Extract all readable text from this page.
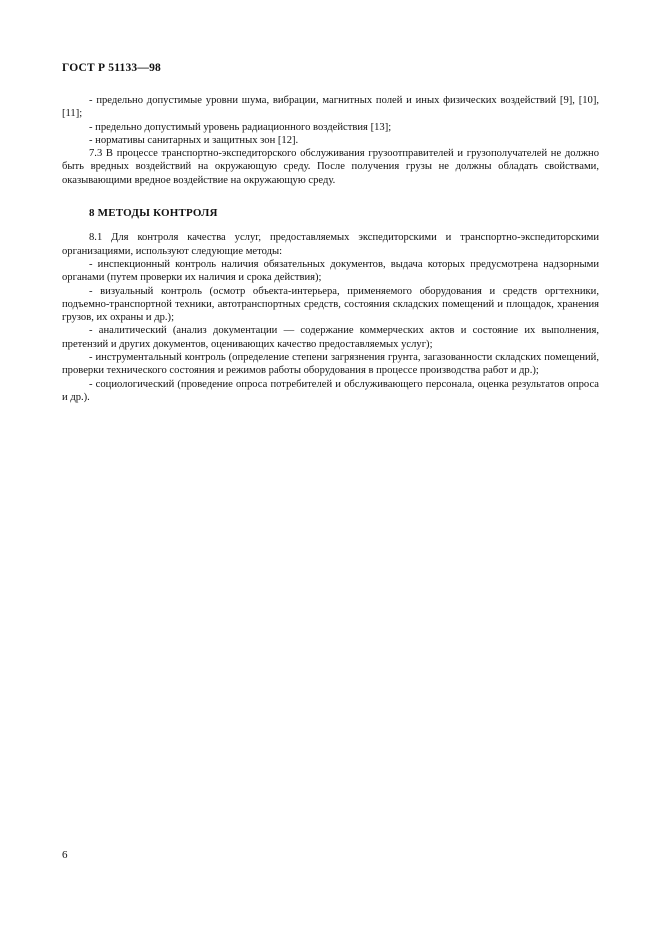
ГОСТ Р 51133—98

- предельно допустимые уровни шума, вибрации, магнитных полей и иных физических воздействий [9], [10], [11];

- предельно допустимый уровень радиационного воздействия [13];

- нормативы санитарных и защитных зон [12].

7.3 В процессе транспортно-экспедиторского обслуживания грузоотправителей и грузополучателей не должно быть вредных воздействий на окружающую среду. После получения грузы не должны обладать свойствами, оказывающими вредное воздействие на окружающую среду.

8 МЕТОДЫ КОНТРОЛЯ

8.1 Для контроля качества услуг, предоставляемых экспедиторскими и транспортно-экспедиторскими организациями, используют следующие методы:

- инспекционный контроль наличия обязательных документов, выдача которых предусмотрена надзорными органами (путем проверки их наличия и срока действия);

- визуальный контроль (осмотр объекта-интерьера, применяемого оборудования и средств оргтехники, подъемно-транспортной техники, автотранспортных средств, состояния складских помещений и площадок, хранения грузов, их охраны и др.);

- аналитический (анализ документации — содержание коммерческих актов и состояние их выполнения, претензий и других документов, оценивающих качество предоставляемых услуг);

- инструментальный контроль (определение степени загрязнения грунта, загазованности складских помещений, проверки технического состояния и режимов работы оборудования в процессе производства работ и др.);

- социологический (проведение опроса потребителей и обслуживающего персонала, оценка результатов опроса и др.).

6
